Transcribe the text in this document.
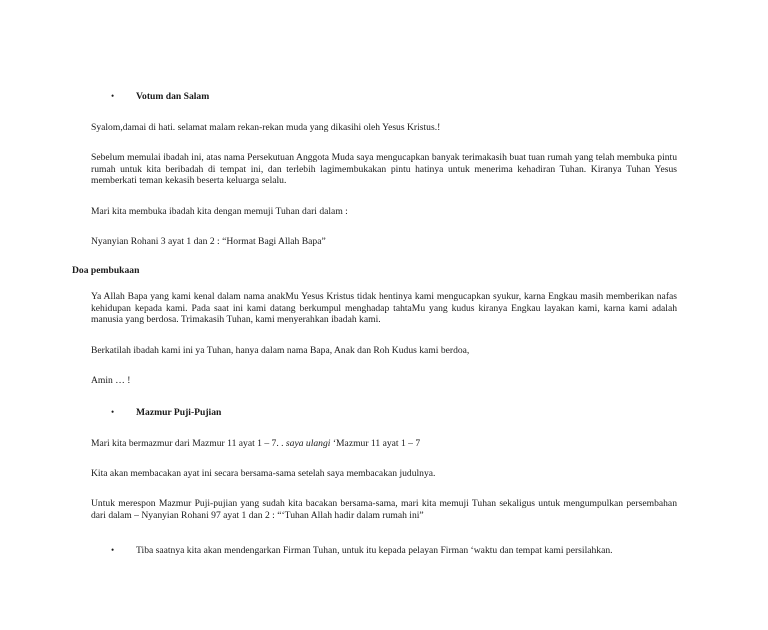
• Votum dan Salam

Syalom,damai di hati. selamat malam rekan-rekan muda yang dikasihi oleh Yesus Kristus.!

Sebelum memulai ibadah ini, atas nama Persekutuan Anggota Muda saya mengucapkan banyak terimakasih buat tuan rumah yang telah membuka pintu rumah untuk kita beribadah di tempat ini, dan terlebih lagimembukakan pintu hatinya untuk menerima kehadiran Tuhan. Kiranya Tuhan Yesus memberkati teman kekasih beserta keluarga selalu.

Mari kita membuka ibadah kita dengan memuji Tuhan dari dalam :

Nyanyian Rohani 3 ayat 1 dan 2 : “Hormat Bagi Allah Bapa”

Doa pembukaan

Ya Allah Bapa yang kami kenal dalam nama anakMu Yesus Kristus tidak hentinya kami mengucapkan syukur, karna Engkau masih memberikan nafas kehidupan kepada kami. Pada saat ini kami datang berkumpul menghadap tahtaMu yang kudus kiranya Engkau layakan kami, karna kami adalah manusia yang berdosa. Trimakasih Tuhan, kami menyerahkan ibadah kami.

Berkatilah ibadah kami ini ya Tuhan, hanya dalam nama Bapa, Anak dan Roh Kudus kami berdoa,

Amin … !

• Mazmur Puji-Pujian

Mari kita bermazmur dari Mazmur 11 ayat 1 – 7. . saya ulangi ‘Mazmur 11 ayat 1 – 7

Kita akan membacakan ayat ini secara bersama-sama setelah saya membacakan judulnya.

Untuk merespon Mazmur Puji-pujian yang sudah kita bacakan bersama-sama, mari kita memuji Tuhan sekaligus untuk mengumpulkan persembahan dari dalam – Nyanyian Rohani 97 ayat 1 dan 2 : “‘Tuhan Allah hadir dalam rumah ini”

• Tiba saatnya kita akan mendengarkan Firman Tuhan, untuk itu kepada pelayan Firman ‘waktu dan tempat kami persilahkan.
